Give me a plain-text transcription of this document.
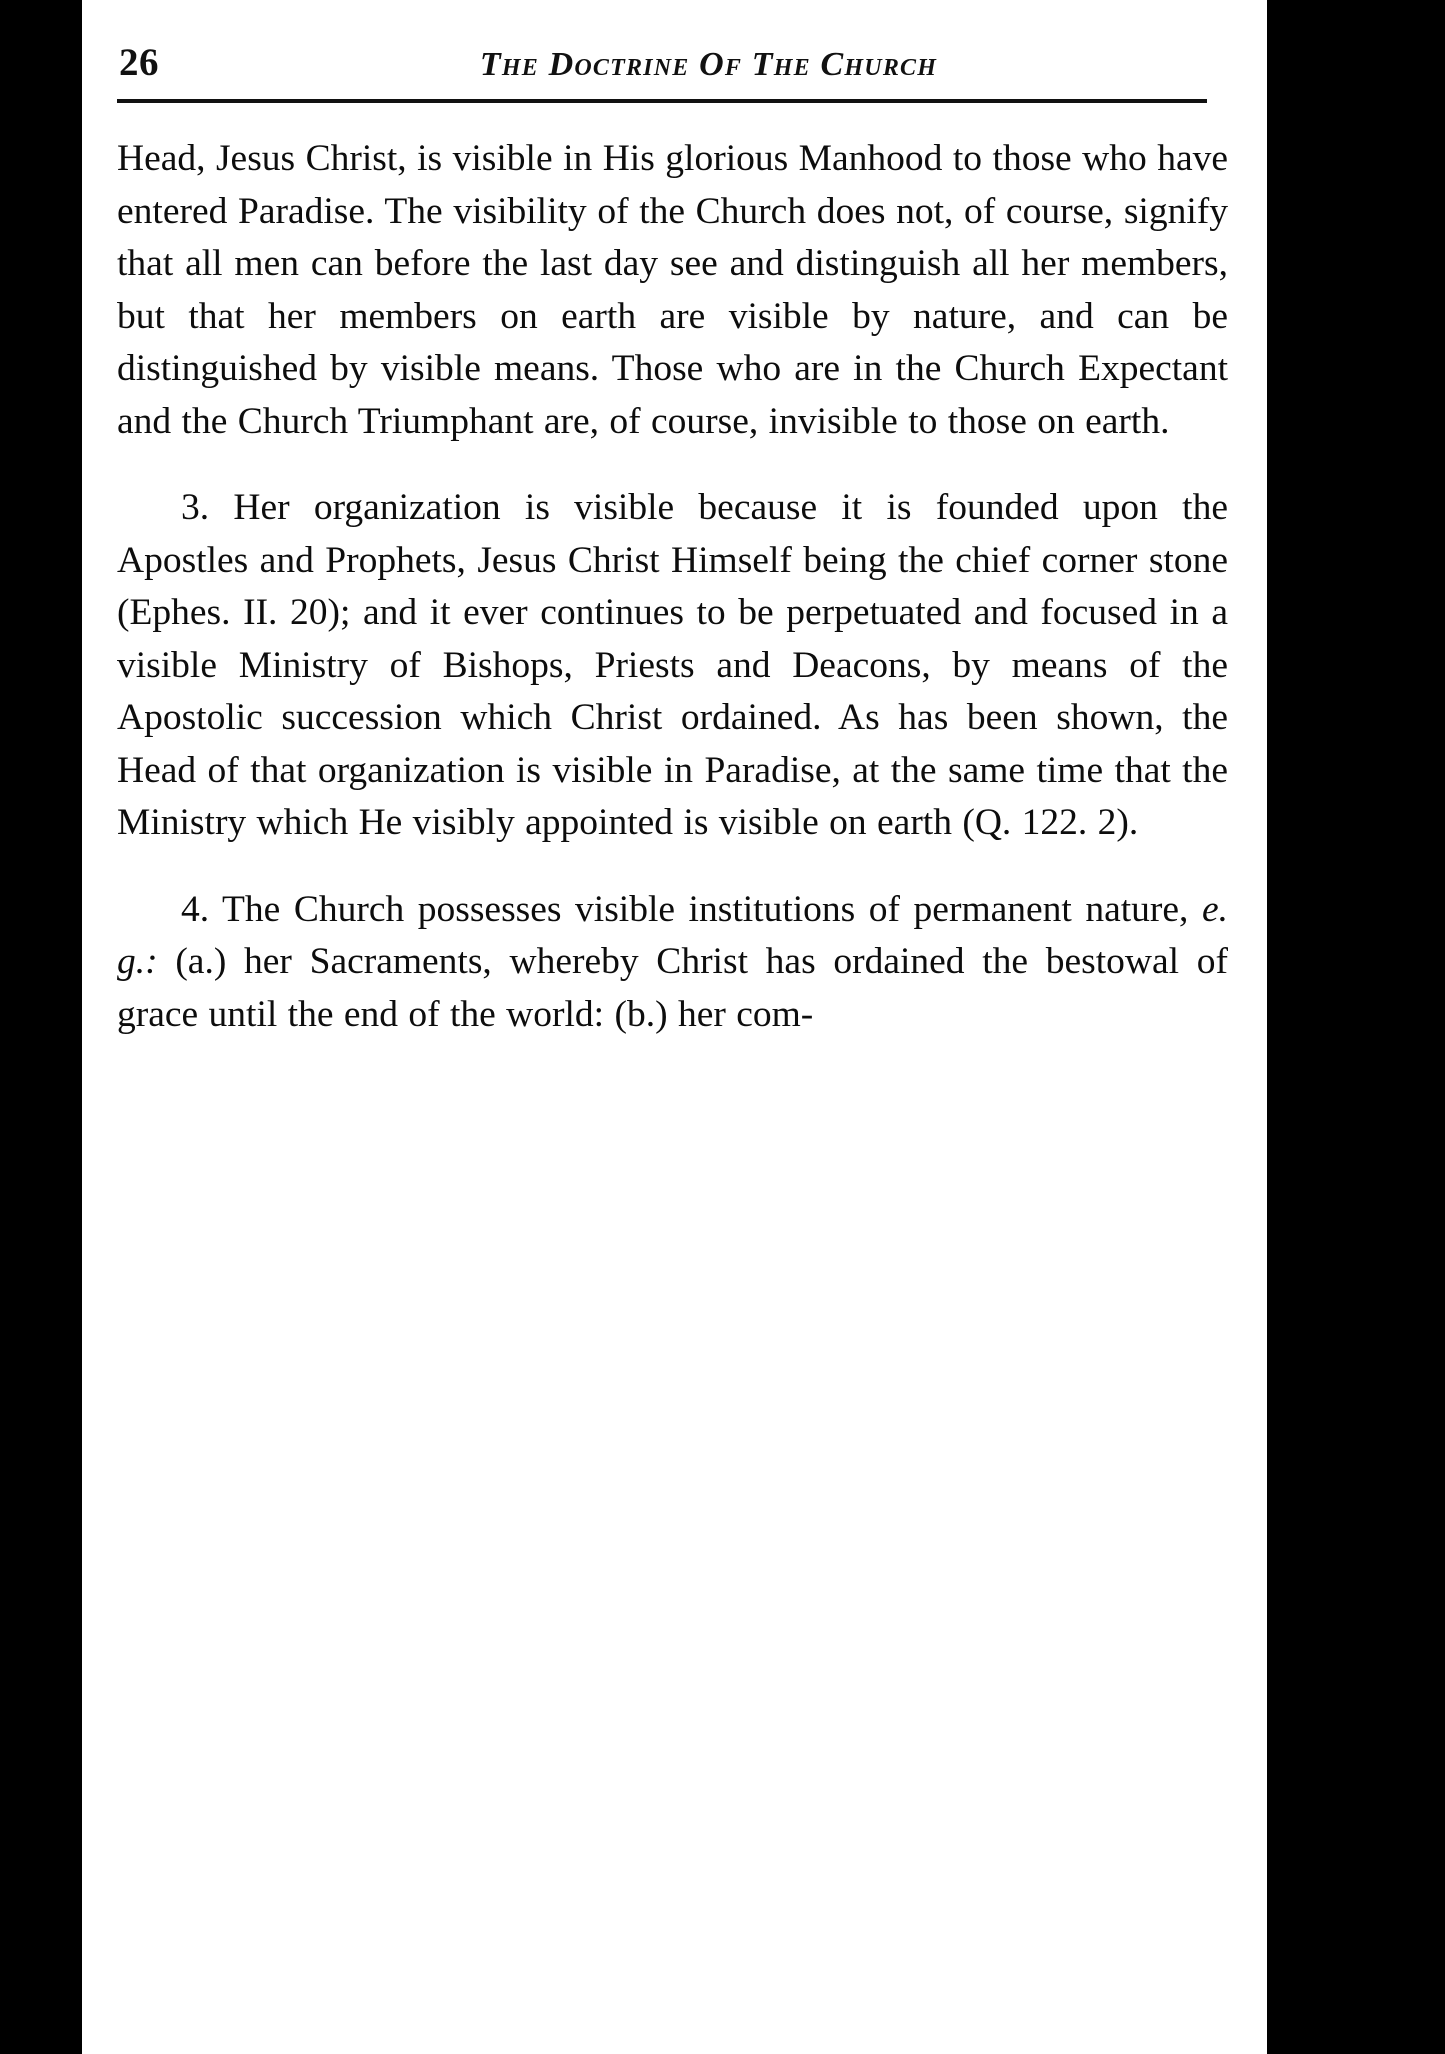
26	The Doctrine Of The Church

Head, Jesus Christ, is visible in His glorious Manhood to those who have entered Paradise. The visibility of the Church does not, of course, signify that all men can before the last day see and distinguish all her members, but that her members on earth are visible by nature, and can be distinguished by visible means. Those who are in the Church Expectant and the Church Triumphant are, of course, invisible to those on earth.

3. Her organization is visible because it is founded upon the Apostles and Prophets, Jesus Christ Himself being the chief corner stone (Ephes. II. 20); and it ever continues to be perpetuated and focused in a visible Ministry of Bishops, Priests and Deacons, by means of the Apostolic succession which Christ ordained. As has been shown, the Head of that organization is visible in Paradise, at the same time that the Ministry which He visibly appointed is visible on earth (Q. 122. 2).

4. The Church possesses visible institutions of permanent nature, e. g.: (a.) her Sacraments, whereby Christ has ordained the bestowal of grace until the end of the world: (b.) her com-
